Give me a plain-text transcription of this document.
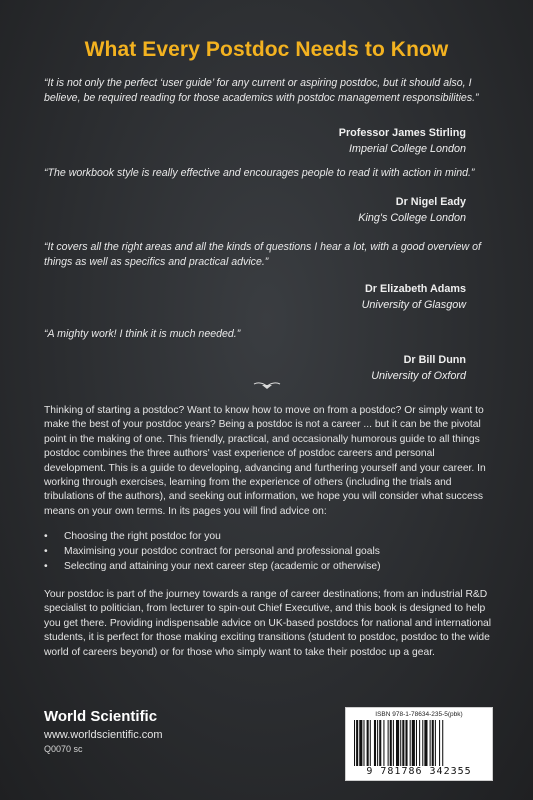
What Every Postdoc Needs to Know
“It is not only the perfect ‘user guide’ for any current or aspiring postdoc, but it should also, I believe, be required reading for those academics with postdoc management responsibilities.”
Professor James Stirling
Imperial College London
“The workbook style is really effective and encourages people to read it with action in mind.”
Dr Nigel Eady
King's College London
“It covers all the right areas and all the kinds of questions I hear a lot, with a good overview of things as well as specifics and practical advice.”
Dr Elizabeth Adams
University of Glasgow
“A mighty work! I think it is much needed.”
Dr Bill Dunn
University of Oxford
Thinking of starting a postdoc? Want to know how to move on from a postdoc? Or simply want to make the best of your postdoc years? Being a postdoc is not a career ... but it can be the pivotal point in the making of one. This friendly, practical, and occasionally humorous guide to all things postdoc combines the three authors' vast experience of postdoc careers and personal development. This is a guide to developing, advancing and furthering yourself and your career. In working through exercises, learning from the experience of others (including the trials and tribulations of the authors), and seeking out information, we hope you will consider what success means on your own terms. In its pages you will find advice on:
• Choosing the right postdoc for you
• Maximising your postdoc contract for personal and professional goals
• Selecting and attaining your next career step (academic or otherwise)
Your postdoc is part of the journey towards a range of career destinations; from an industrial R&D specialist to politician, from lecturer to spin-out Chief Executive, and this book is designed to help you get there. Providing indispensable advice on UK-based postdocs for national and international students, it is perfect for those making exciting transitions (student to postdoc, postdoc to the wide world of careers beyond) or for those who simply want to take their postdoc up a gear.
World Scientific
www.worldscientific.com
Q0070 sc
ISBN 978-1-78634-235-5(pbk)
9 781786 342355
